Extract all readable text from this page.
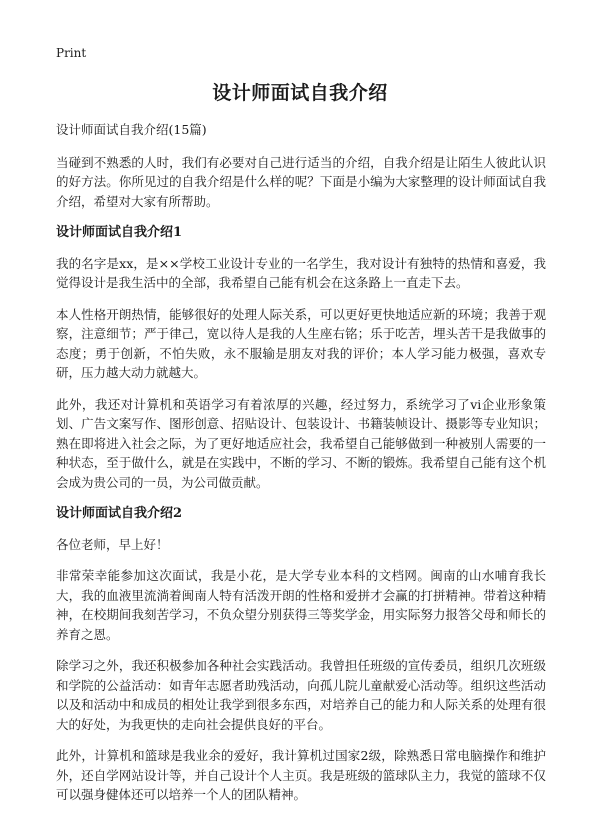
Print
设计师面试自我介绍

设计师面试自我介绍(15篇)

当碰到不熟悉的人时，我们有必要对自己进行适当的介绍，自我介绍是让陌生人彼此认识的好方法。你所见过的自我介绍是什么样的呢？下面是小编为大家整理的设计师面试自我介绍，希望对大家有所帮助。

设计师面试自我介绍1

我的名字是xx，是××学校工业设计专业的一名学生，我对设计有独特的热情和喜爱，我觉得设计是我生活中的全部，我希望自己能有机会在这条路上一直走下去。

本人性格开朗热情，能够很好的处理人际关系，可以更好更快地适应新的环境；我善于观察，注意细节；严于律己，宽以待人是我的人生座右铭；乐于吃苦，埋头苦干是我做事的态度；勇于创新，不怕失败，永不服输是朋友对我的评价；本人学习能力极强，喜欢专研，压力越大动力就越大。

此外，我还对计算机和英语学习有着浓厚的兴趣，经过努力，系统学习了vi企业形象策划、广告文案写作、图形创意、招贴设计、包装设计、书籍装帧设计、摄影等专业知识；熟在即将进入社会之际，为了更好地适应社会，我希望自己能够做到一种被别人需要的一种状态，至于做什么，就是在实践中，不断的学习、不断的锻炼。我希望自己能有这个机会成为贵公司的一员，为公司做贡献。

设计师面试自我介绍2

各位老师，早上好！

非常荣幸能参加这次面试，我是小花，是大学专业本科的文档网。闽南的山水哺育我长大，我的血液里流淌着闽南人特有活泼开朗的性格和爱拼才会赢的打拼精神。带着这种精神，在校期间我刻苦学习，不负众望分别获得三等奖学金，用实际努力报答父母和师长的养育之恩。

除学习之外，我还积极参加各种社会实践活动。我曾担任班级的宣传委员，组织几次班级和学院的公益活动：如青年志愿者助残活动，向孤儿院儿童献爱心活动等。组织这些活动以及和活动中和成员的相处让我学到很多东西，对培养自己的能力和人际关系的处理有很大的好处，为我更快的走向社会提供良好的平台。

此外，计算机和篮球是我业余的爱好，我计算机过国家2级，除熟悉日常电脑操作和维护外，还自学网站设计等，并自己设计个人主页。我是班级的篮球队主力，我觉的篮球不仅可以强身健体还可以培养一个人的团队精神。
